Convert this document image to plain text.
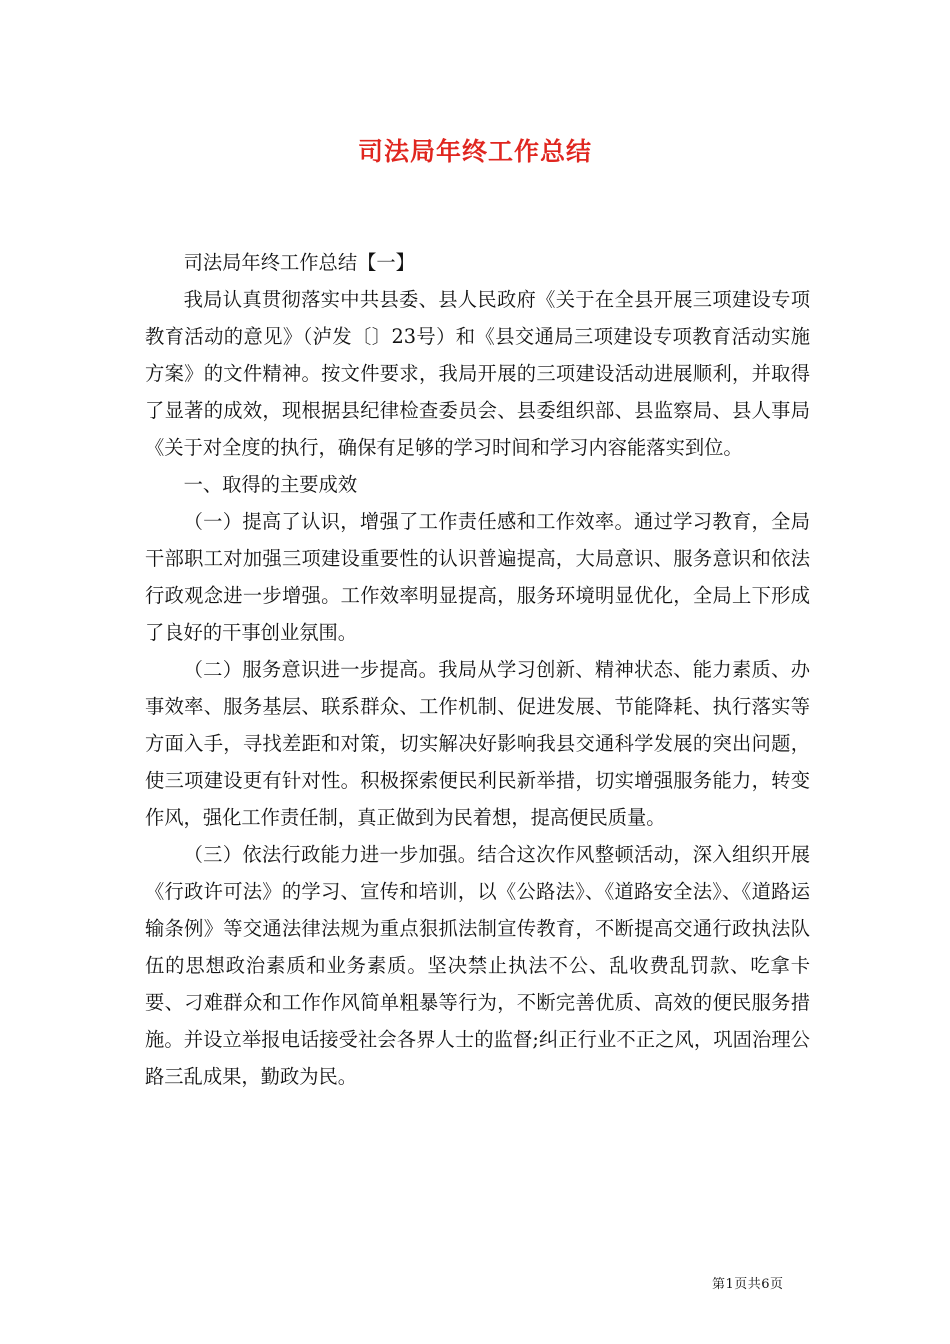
司法局年终工作总结

司法局年终工作总结【一】

我局认真贯彻落实中共县委、县人民政府《关于在全县开展三项建设专项教育活动的意见》（泸发〔〕23号）和《县交通局三项建设专项教育活动实施方案》的文件精神。按文件要求，我局开展的三项建设活动进展顺利，并取得了显著的成效，现根据县纪律检查委员会、县委组织部、县监察局、县人事局《关于对全度的执行，确保有足够的学习时间和学习内容能落实到位。

一、取得的主要成效

（一）提高了认识，增强了工作责任感和工作效率。通过学习教育，全局干部职工对加强三项建设重要性的认识普遍提高，大局意识、服务意识和依法行政观念进一步增强。工作效率明显提高，服务环境明显优化，全局上下形成了良好的干事创业氛围。

（二）服务意识进一步提高。我局从学习创新、精神状态、能力素质、办事效率、服务基层、联系群众、工作机制、促进发展、节能降耗、执行落实等方面入手，寻找差距和对策，切实解决好影响我县交通科学发展的突出问题，使三项建设更有针对性。积极探索便民利民新举措，切实增强服务能力，转变作风，强化工作责任制，真正做到为民着想，提高便民质量。

（三）依法行政能力进一步加强。结合这次作风整顿活动，深入组织开展《行政许可法》的学习、宣传和培训，以《公路法》、《道路安全法》、《道路运输条例》等交通法律法规为重点狠抓法制宣传教育，不断提高交通行政执法队伍的思想政治素质和业务素质。坚决禁止执法不公、乱收费乱罚款、吃拿卡要、刁难群众和工作作风简单粗暴等行为，不断完善优质、高效的便民服务措施。并设立举报电话接受社会各界人士的监督;纠正行业不正之风，巩固治理公路三乱成果，勤政为民。

第1页共6页
